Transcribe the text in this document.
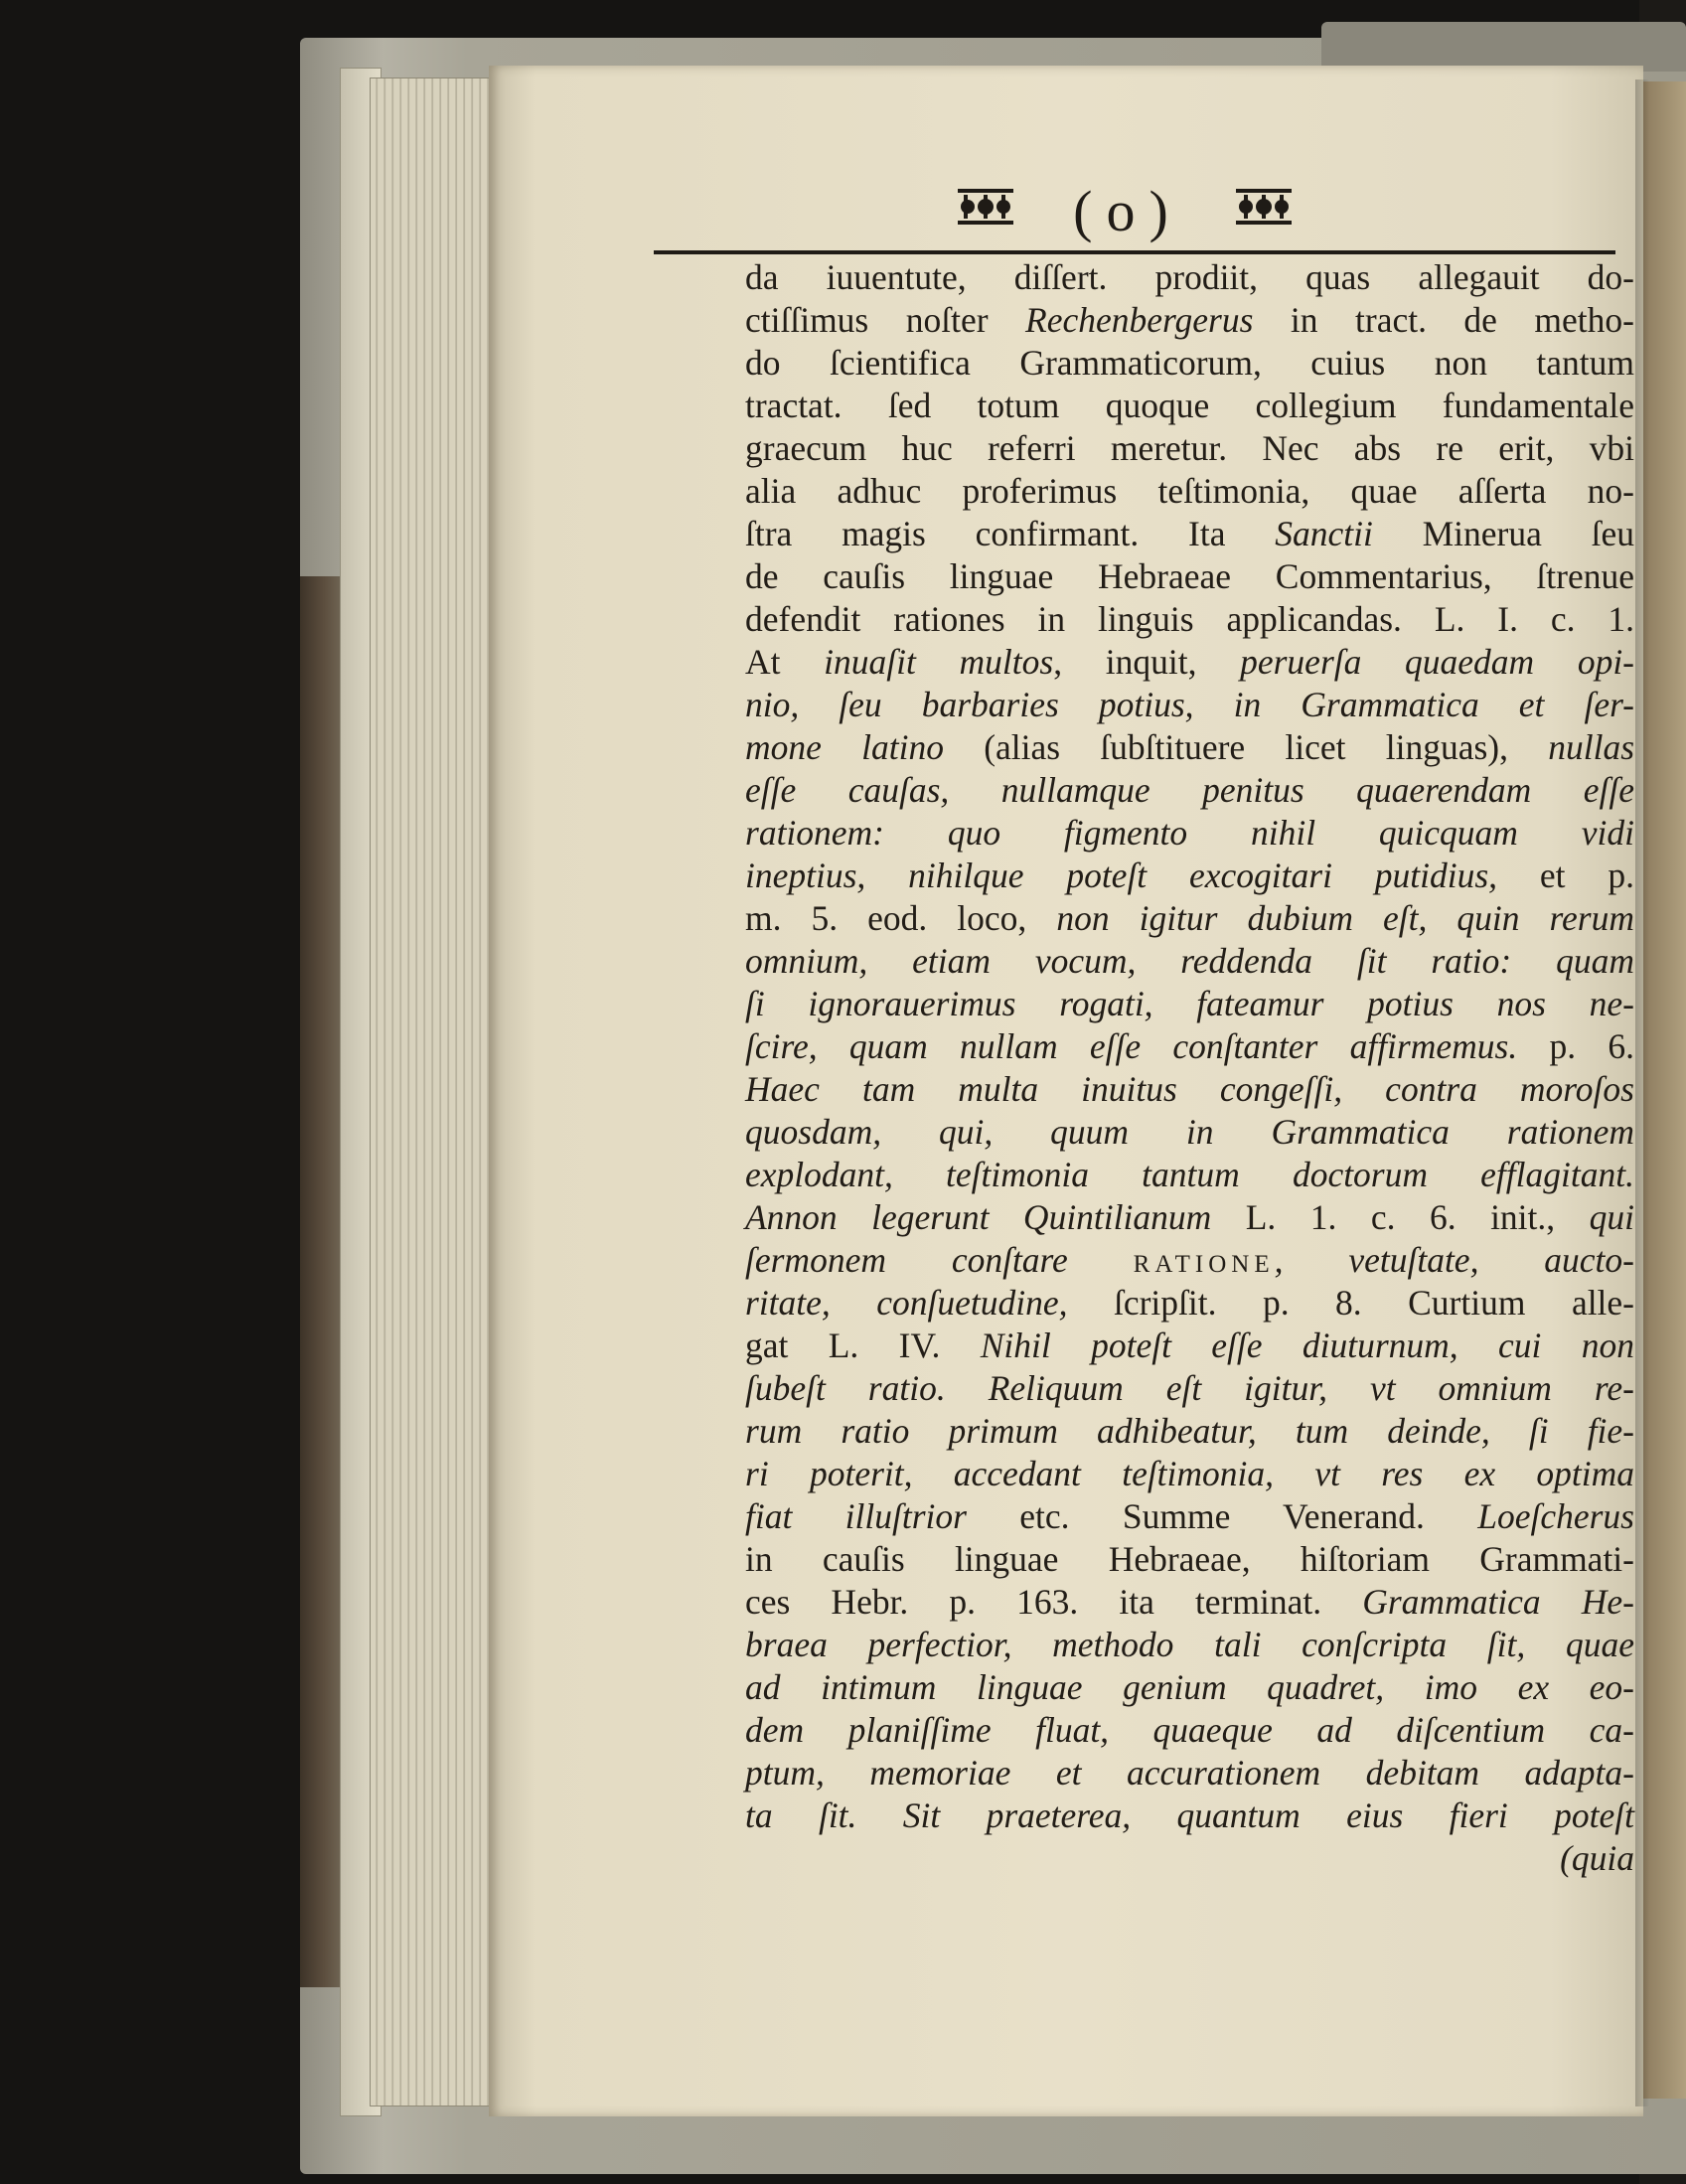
(o)
da iuuentute, diſſert. prodiit, quas allegauit do-
ctiſſimus noſter Rechenbergerus in tract. de metho-
do ſcientifica Grammaticorum, cuius non tantum
tractat. ſed totum quoque collegium fundamentale
graecum huc referri meretur. Nec abs re erit, vbi
alia adhuc proferimus teſtimonia, quae aſſerta no-
ſtra magis confirmant. Ita Sanctii Minerua ſeu
de cauſis linguae Hebraeae Commentarius, ſtrenue
defendit rationes in linguis applicandas. L. I. c. 1.
At inuaſit multos, inquit, peruerſa quaedam opi-
nio, ſeu barbaries potius, in Grammatica et ſer-
mone latino (alias ſubſtituere licet linguas), nullas
eſſe cauſas, nullamque penitus quaerendam eſſe
rationem: quo figmento nihil quicquam vidi
ineptius, nihilque poteſt excogitari putidius, et p.
m. 5. eod. loco, non igitur dubium eſt, quin rerum
omnium, etiam vocum, reddenda ſit ratio: quam
ſi ignorauerimus rogati, fateamur potius nos ne-
ſcire, quam nullam eſſe conſtanter affirmemus. p. 6.
Haec tam multa inuitus congeſſi, contra moroſos
quosdam, qui, quum in Grammatica rationem
explodant, teſtimonia tantum doctorum efflagitant.
Annon legerunt Quintilianum L. 1. c. 6. init., qui
ſermonem conſtare ratione, vetuſtate, aucto-
ritate, conſuetudine, ſcripſit. p. 8. Curtium alle-
gat L. IV. Nihil poteſt eſſe diuturnum, cui non
ſubeſt ratio. Reliquum eſt igitur, vt omnium re-
rum ratio primum adhibeatur, tum deinde, ſi fie-
ri poterit, accedant teſtimonia, vt res ex optima
fiat illuſtrior etc. Summe Venerand. Loeſcherus
in cauſis linguae Hebraeae, hiſtoriam Grammati-
ces Hebr. p. 163. ita terminat. Grammatica He-
braea perfectior, methodo tali conſcripta ſit, quae
ad intimum linguae genium quadret, imo ex eo-
dem planiſſime fluat, quaeque ad diſcentium ca-
ptum, memoriae et accurationem debitam adapta-
ta ſit. Sit praeterea, quantum eius fieri poteſt
(quia
